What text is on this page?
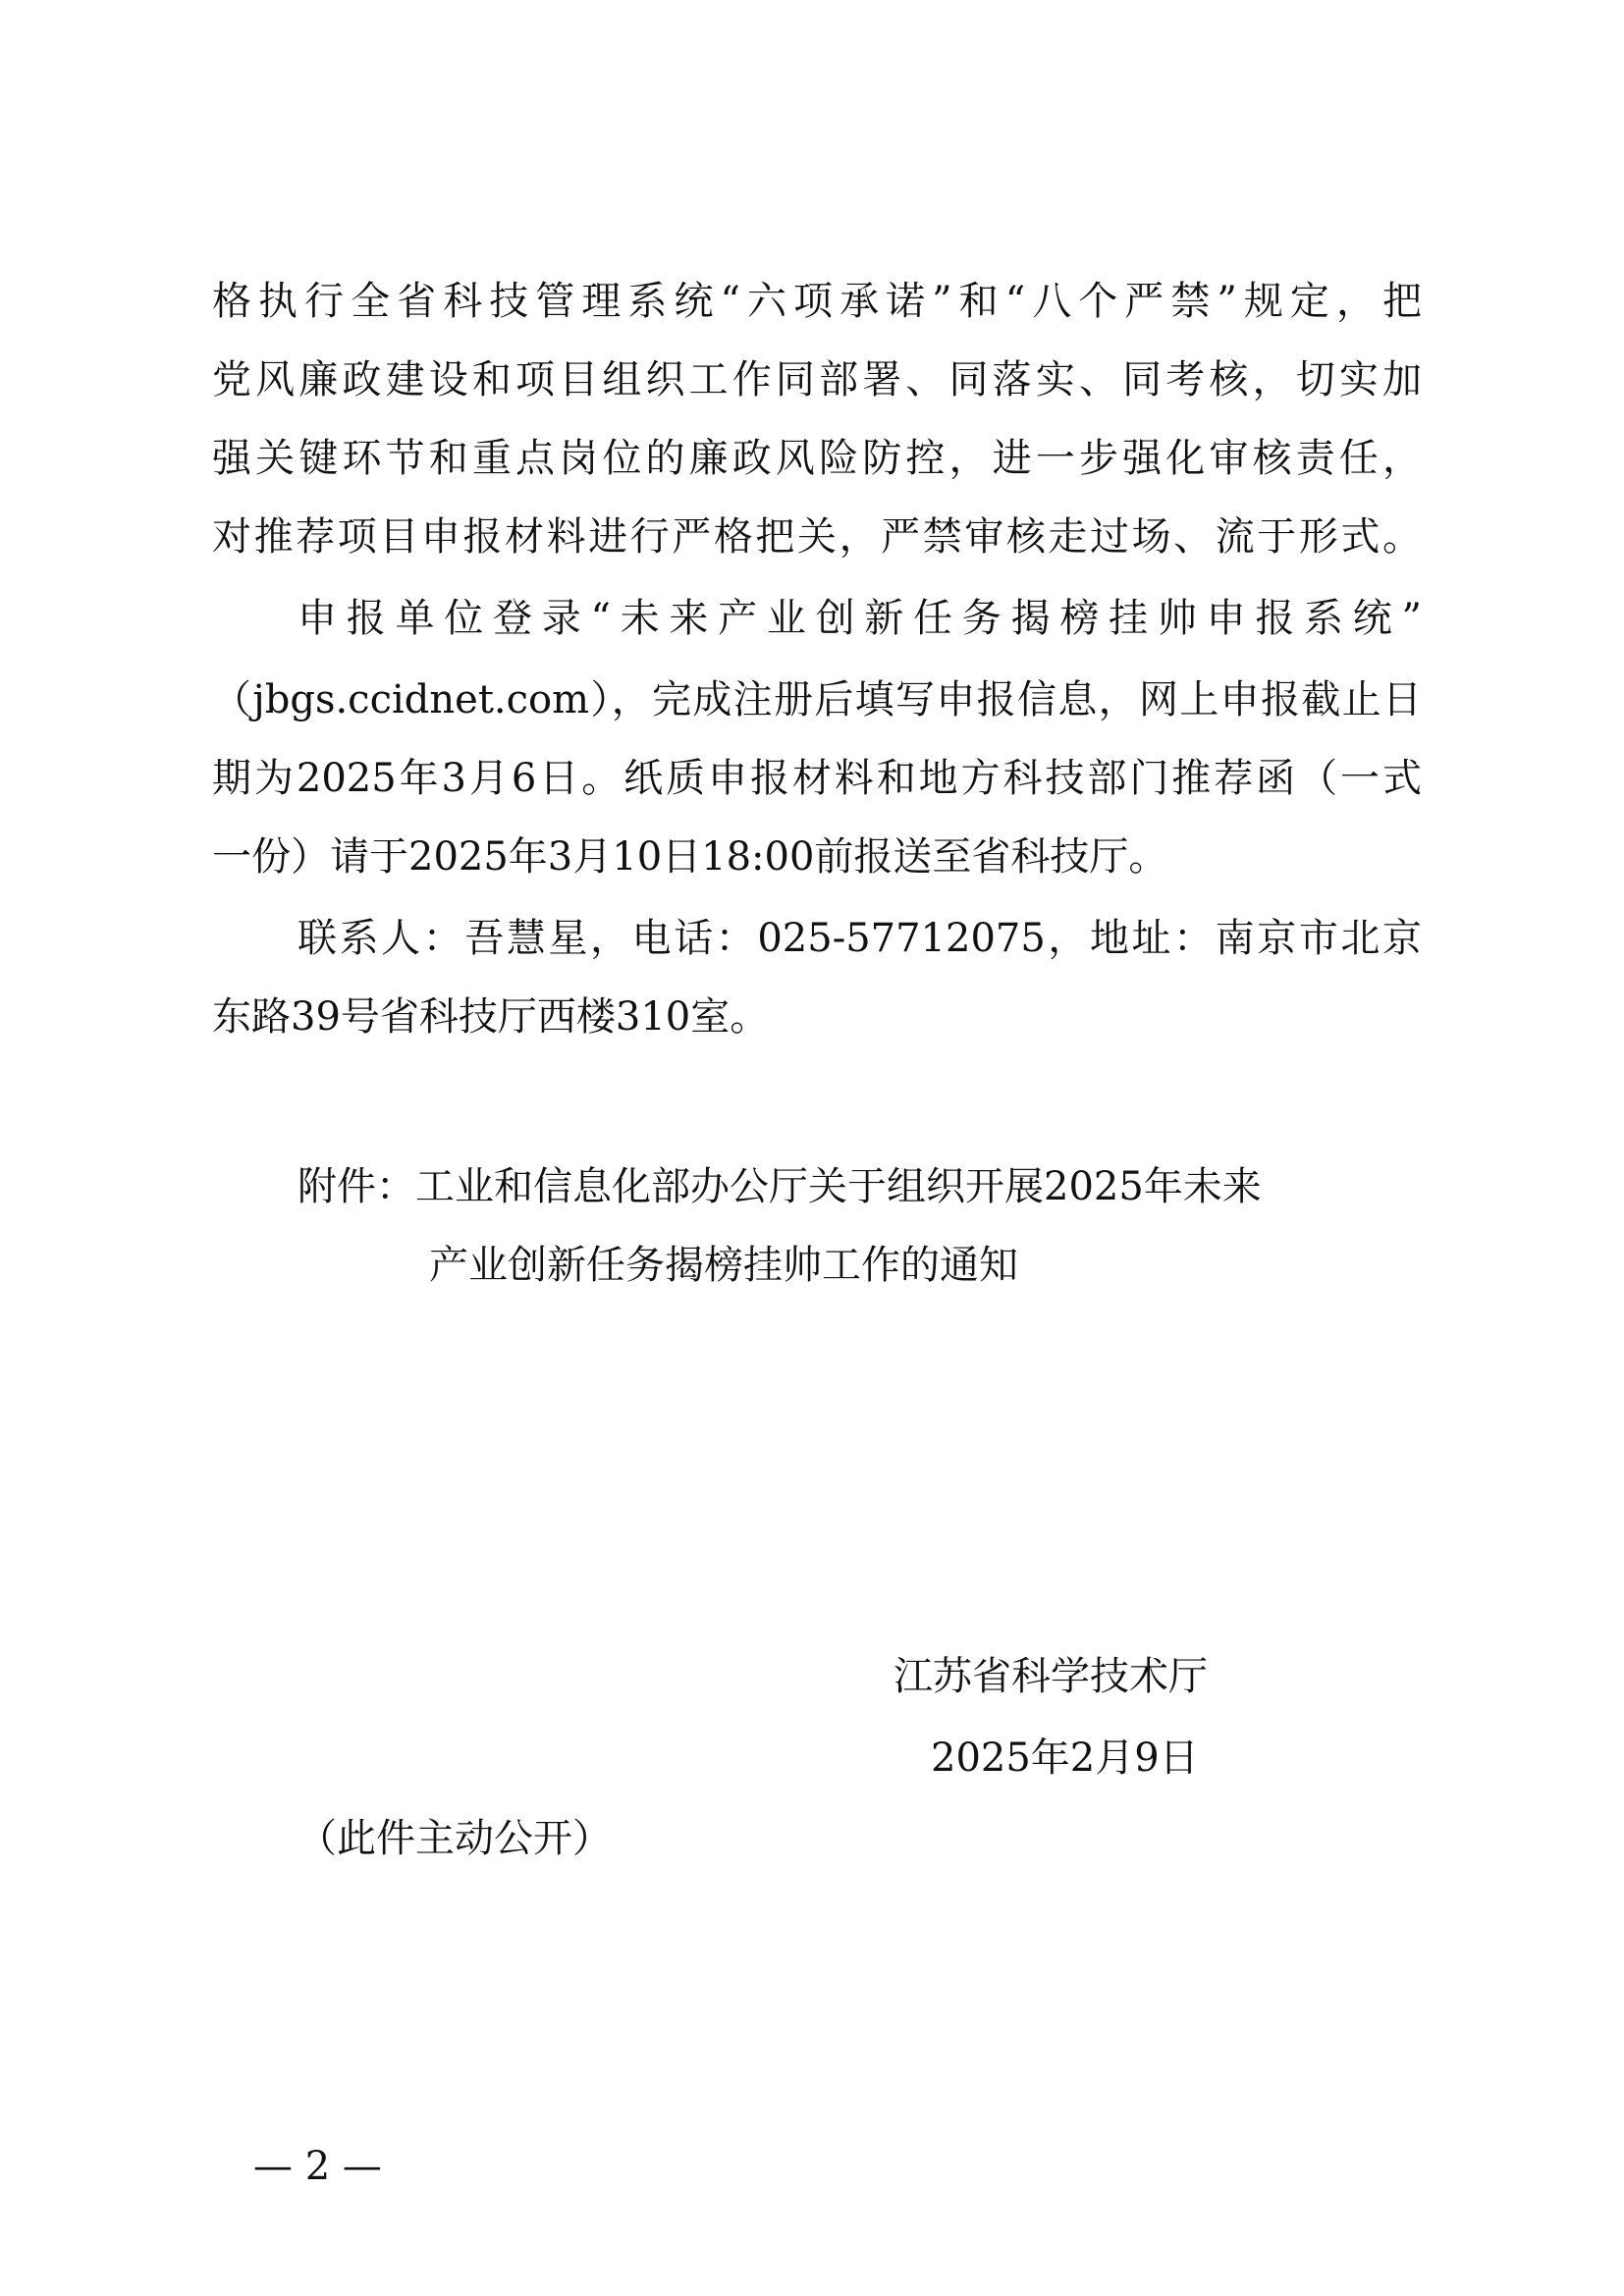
格执行全省科技管理系统“六项承诺”和“八个严禁”规定，把
党风廉政建设和项目组织工作同部署、同落实、同考核，切实加
强关键环节和重点岗位的廉政风险防控，进一步强化审核责任，
对推荐项目申报材料进行严格把关，严禁审核走过场、流于形式。
申报单位登录“未来产业创新任务揭榜挂帅申报系统”
（jbgs.ccidnet.com），完成注册后填写申报信息，网上申报截止日
期为2025年3月6日。纸质申报材料和地方科技部门推荐函（一式
一份）请于2025年3月10日18:00前报送至省科技厅。
联系人：吾慧星，电话：025-57712075，地址：南京市北京
东路39号省科技厅西楼310室。
附件：工业和信息化部办公厅关于组织开展2025年未来
产业创新任务揭榜挂帅工作的通知
江苏省科学技术厅
2025年2月9日
（此件主动公开）
— 2 —
